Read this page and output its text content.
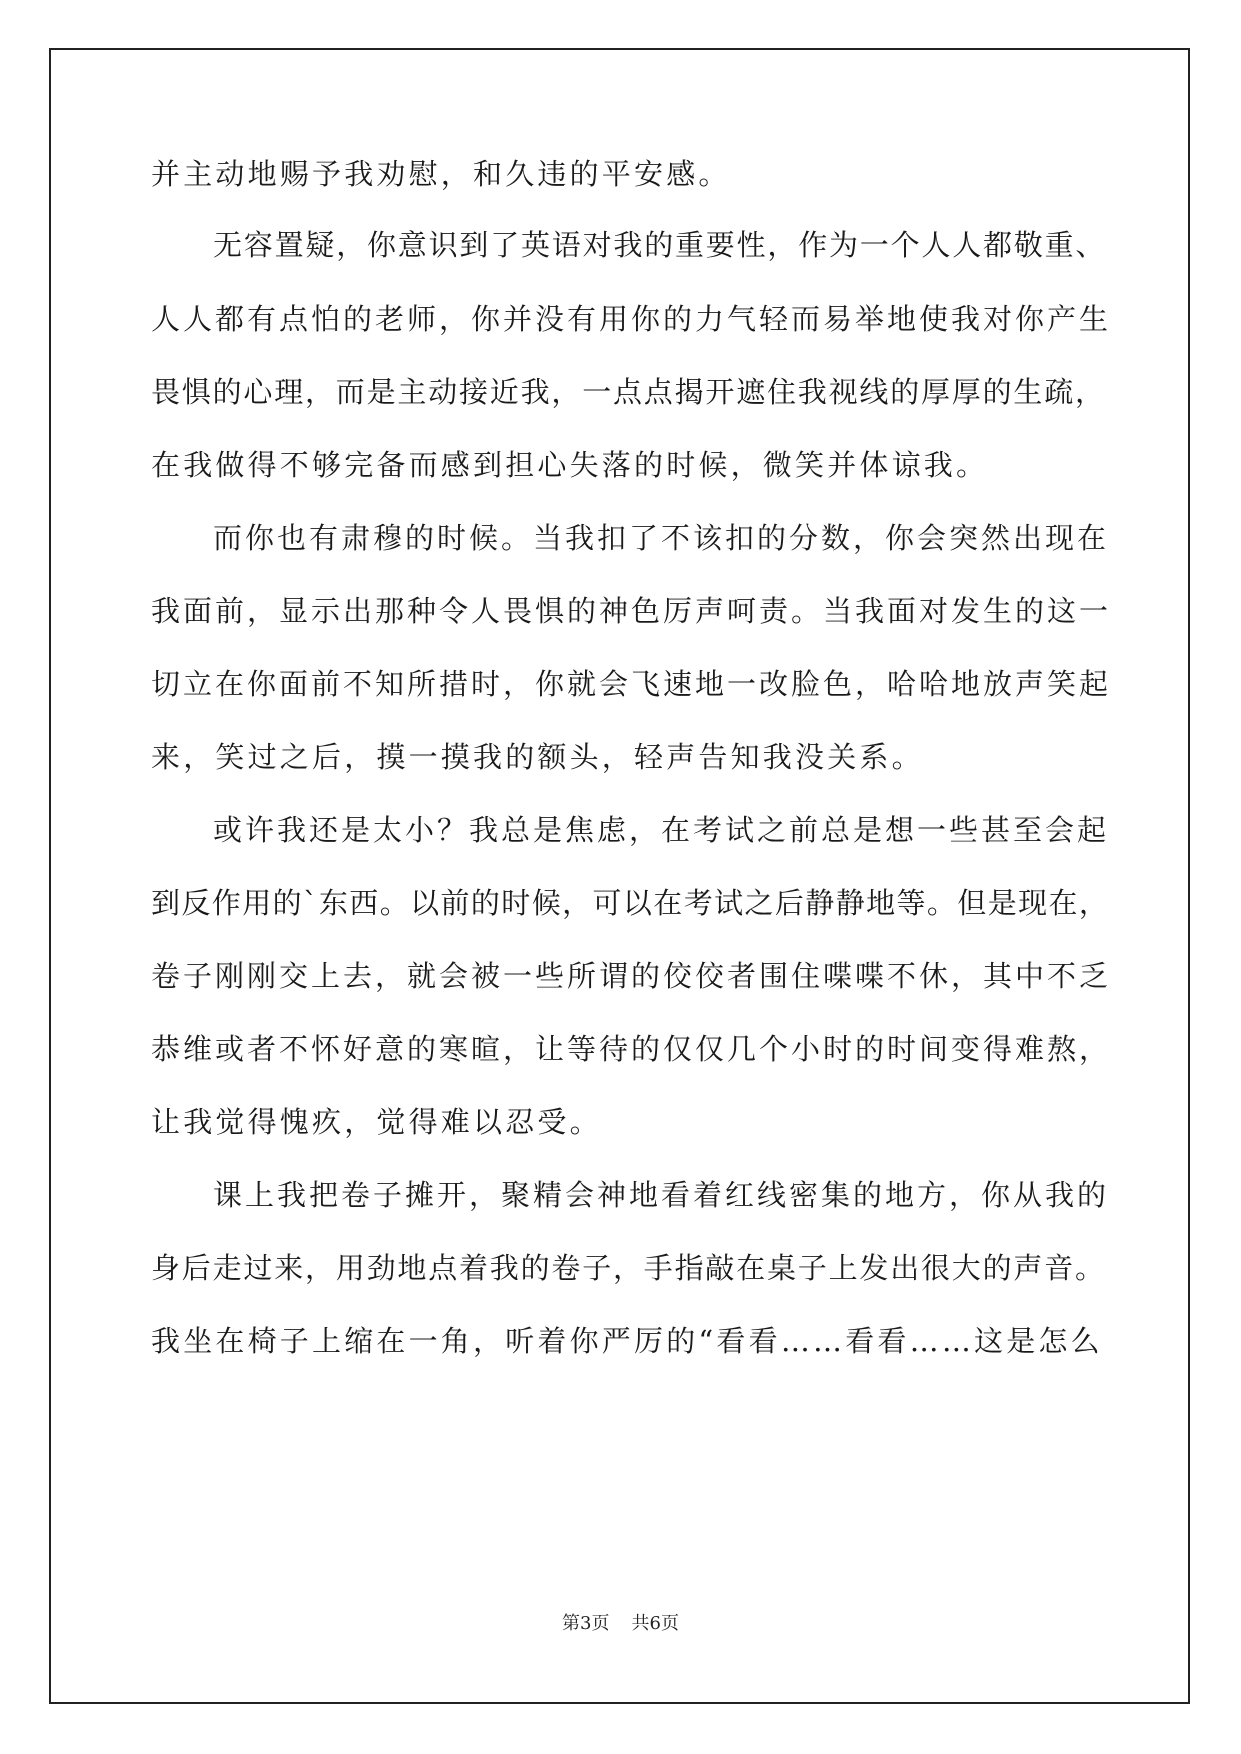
并主动地赐予我劝慰，和久违的平安感。
无容置疑，你意识到了英语对我的重要性，作为一个人人都敬重、
人人都有点怕的老师，你并没有用你的力气轻而易举地使我对你产生
畏惧的心理，而是主动接近我，一点点揭开遮住我视线的厚厚的生疏，
在我做得不够完备而感到担心失落的时候，微笑并体谅我。
而你也有肃穆的时候。当我扣了不该扣的分数，你会突然出现在
我面前，显示出那种令人畏惧的神色厉声呵责。当我面对发生的这一
切立在你面前不知所措时，你就会飞速地一改脸色，哈哈地放声笑起
来，笑过之后，摸一摸我的额头，轻声告知我没关系。
或许我还是太小？我总是焦虑，在考试之前总是想一些甚至会起
到反作用的`东西。以前的时候，可以在考试之后静静地等。但是现在，
卷子刚刚交上去，就会被一些所谓的佼佼者围住喋喋不休，其中不乏
恭维或者不怀好意的寒暄，让等待的仅仅几个小时的时间变得难熬，
让我觉得愧疚，觉得难以忍受。
课上我把卷子摊开，聚精会神地看着红线密集的地方，你从我的
身后走过来，用劲地点着我的卷子，手指敲在桌子上发出很大的声音。
我坐在椅子上缩在一角，听着你严厉的“看看……看看……这是怎么
第3页 共6页
